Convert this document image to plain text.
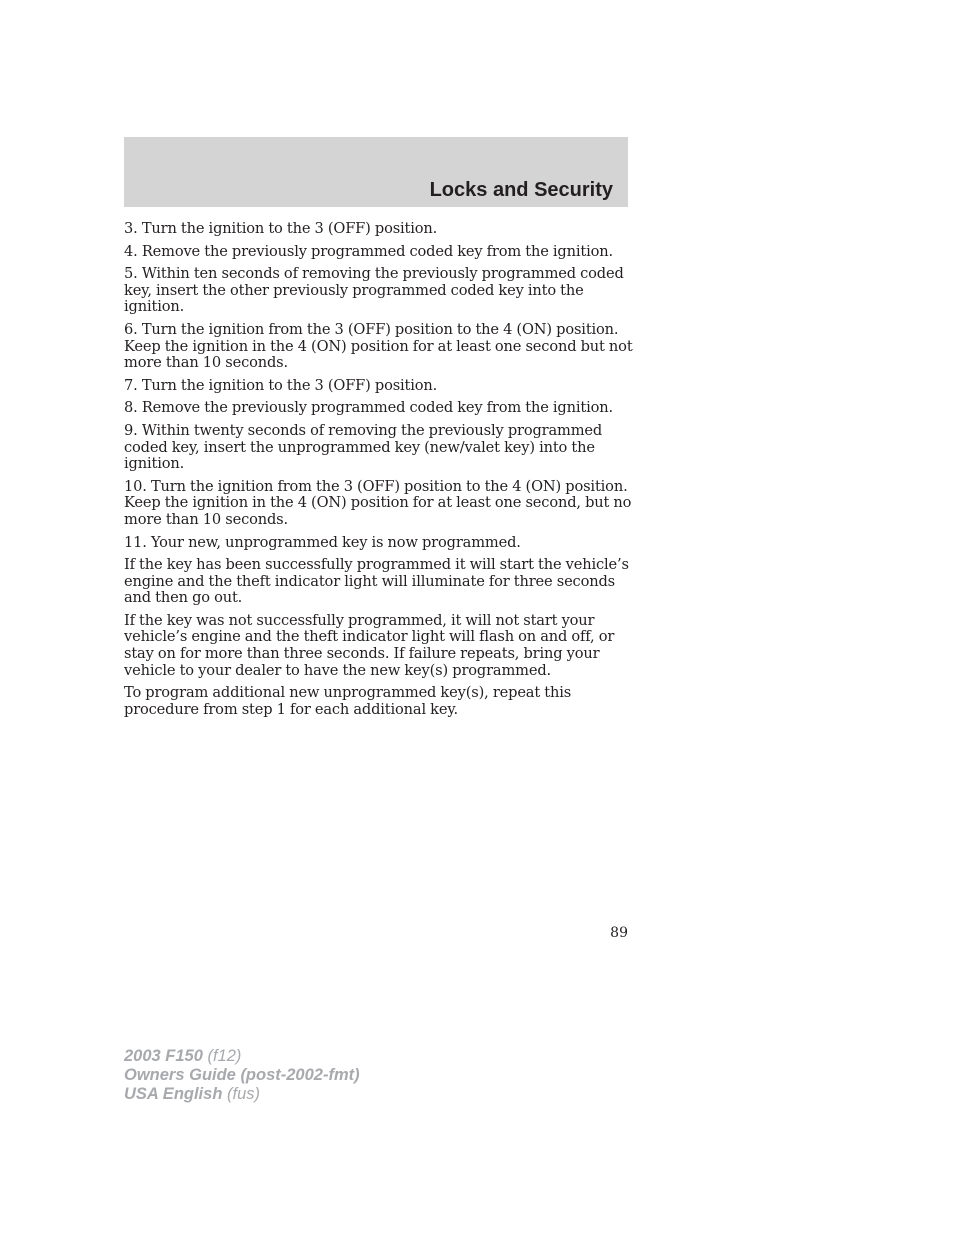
Locks and Security

3. Turn the ignition to the 3 (OFF) position.

4. Remove the previously programmed coded key from the ignition.

5. Within ten seconds of removing the previously programmed coded key, insert the other previously programmed coded key into the ignition.

6. Turn the ignition from the 3 (OFF) position to the 4 (ON) position. Keep the ignition in the 4 (ON) position for at least one second but not more than 10 seconds.

7. Turn the ignition to the 3 (OFF) position.

8. Remove the previously programmed coded key from the ignition.

9. Within twenty seconds of removing the previously programmed coded key, insert the unprogrammed key (new/valet key) into the ignition.

10. Turn the ignition from the 3 (OFF) position to the 4 (ON) position. Keep the ignition in the 4 (ON) position for at least one second, but no more than 10 seconds.

11. Your new, unprogrammed key is now programmed.

If the key has been successfully programmed it will start the vehicle’s engine and the theft indicator light will illuminate for three seconds and then go out.

If the key was not successfully programmed, it will not start your vehicle’s engine and the theft indicator light will flash on and off, or stay on for more than three seconds. If failure repeats, bring your vehicle to your dealer to have the new key(s) programmed.

To program additional new unprogrammed key(s), repeat this procedure from step 1 for each additional key.

89
2003 F150 (f12)
Owners Guide (post-2002-fmt)
USA English (fus)
